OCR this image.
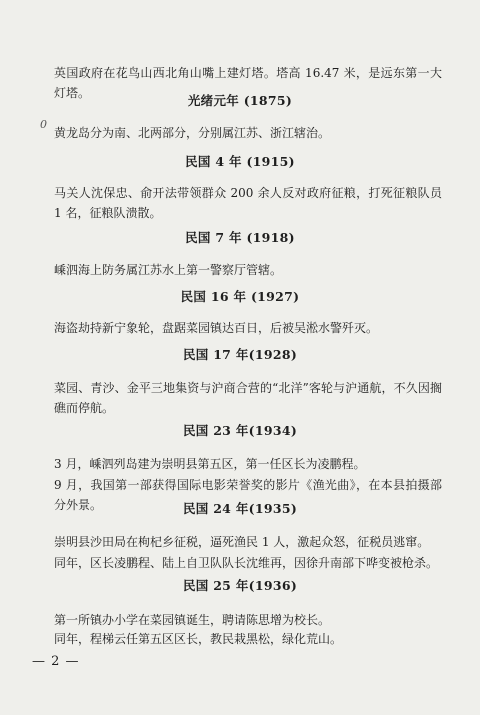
英国政府在花鸟山西北角山嘴上建灯塔。塔高 16.47 米，是远东第一大灯塔。	光绪元年 (1875)
0

黄龙岛分为南、北两部分，分别属江苏、浙江辖治。

民国 4 年 (1915)

马关人沈保忠、俞开法带领群众 200 余人反对政府征粮，打死征粮队员 1 名，征粮队溃散。

民国 7 年 (1918)

嵊泗海上防务属江苏水上第一警察厅管辖。

民国 16 年 (1927)

海盗劫持新宁象轮，盘踞菜园镇达百日，后被吴淞水警歼灭。

民国 17 年(1928)

菜园、青沙、金平三地集资与沪商合营的“北洋”客轮与沪通航，不久因搁礁而停航。

民国 23 年(1934)

3 月，嵊泗列岛建为崇明县第五区，第一任区长为凌鹏程。

9 月，我国第一部获得国际电影荣誉奖的影片《渔光曲》，在本县拍摄部分外景。	民国 24 年(1935)

崇明县沙田局在枸杞乡征税，逼死渔民 1 人，激起众怒，征税员逃窜。

同年，区长凌鹏程、陆上自卫队队长沈维再，因徐升南部下哗变被枪杀。

民国 25 年(1936)

第一所镇办小学在菜园镇诞生，聘请陈思增为校长。

同年，程梯云任第五区区长，教民栽黑松，绿化荒山。

— 2 —
